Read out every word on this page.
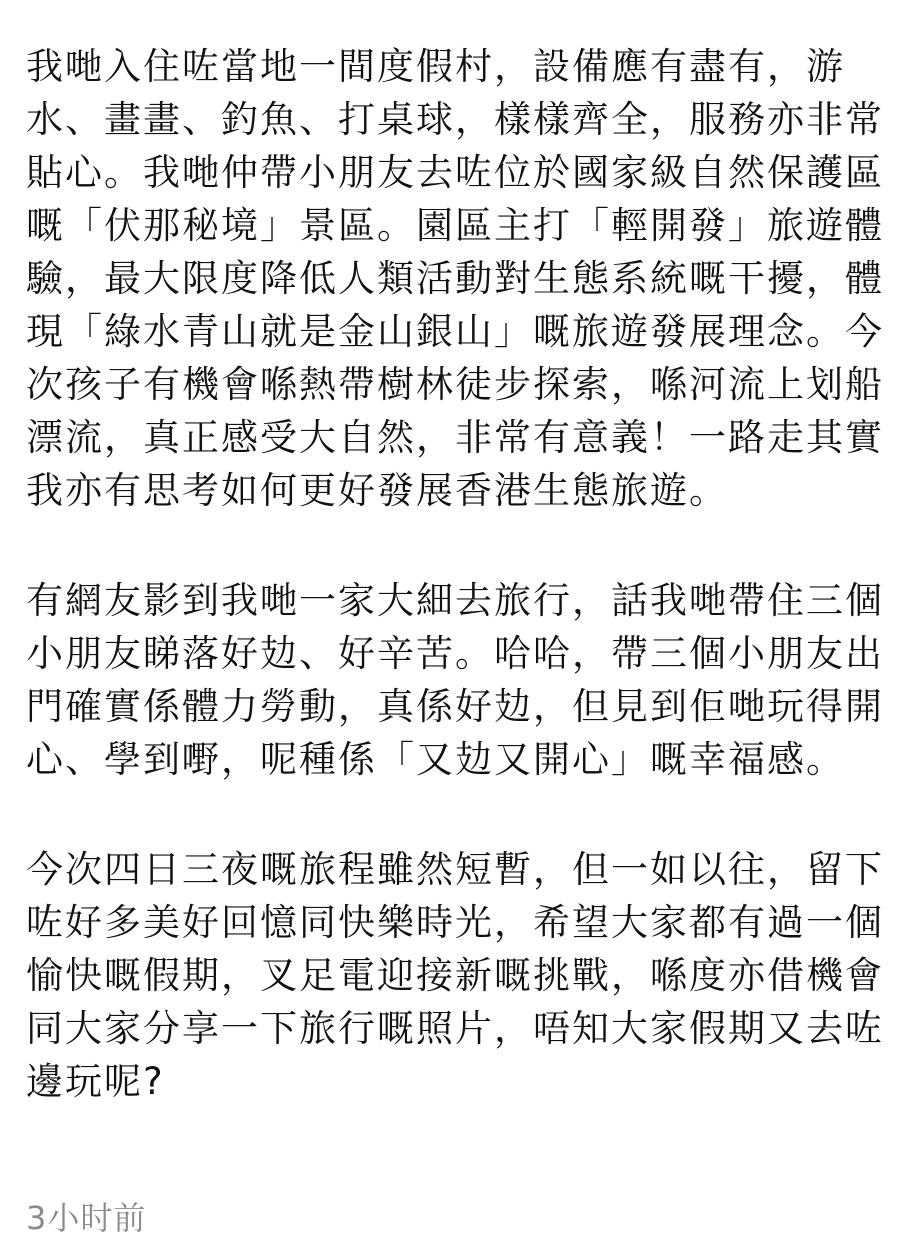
我哋入住咗當地一間度假村，設備應有盡有，游水、畫畫、釣魚、打桌球，樣樣齊全，服務亦非常貼心。我哋仲帶小朋友去咗位於國家級自然保護區嘅「伏那秘境」景區。園區主打「輕開發」旅遊體驗，最大限度降低人類活動對生態系統嘅干擾，體現「綠水青山就是金山銀山」嘅旅遊發展理念。今次孩子有機會喺熱帶樹林徒步探索，喺河流上划船漂流，真正感受大自然，非常有意義！一路走其實我亦有思考如何更好發展香港生態旅遊。

有網友影到我哋一家大細去旅行，話我哋帶住三個小朋友睇落好攰、好辛苦。哈哈，帶三個小朋友出門確實係體力勞動，真係好攰，但見到佢哋玩得開心、學到嘢，呢種係「又攰又開心」嘅幸福感。

今次四日三夜嘅旅程雖然短暫，但一如以往，留下咗好多美好回憶同快樂時光，希望大家都有過一個愉快嘅假期，叉足電迎接新嘅挑戰，喺度亦借機會同大家分享一下旅行嘅照片，唔知大家假期又去咗邊玩呢?

3小时前
